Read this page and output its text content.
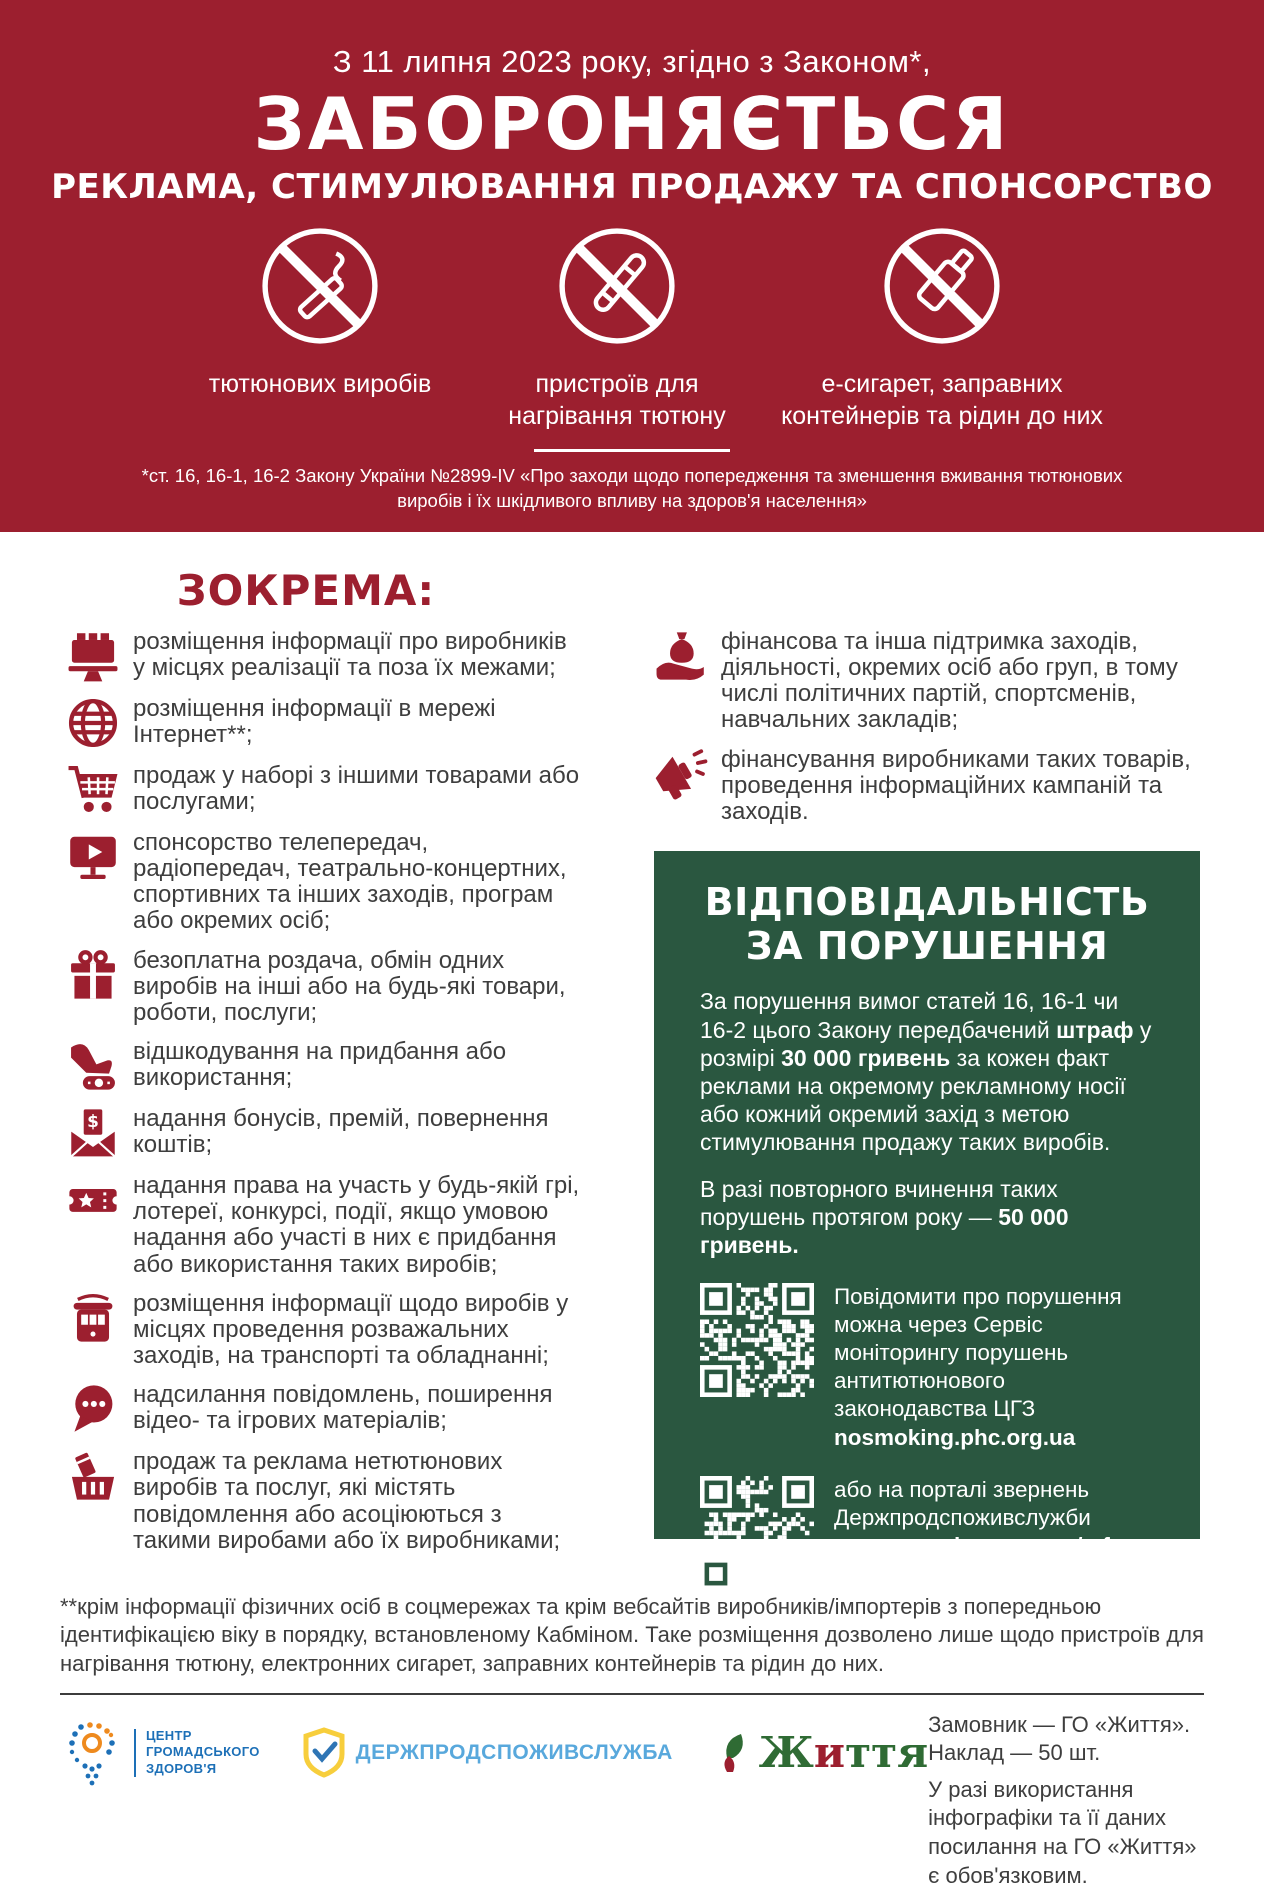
З 11 липня 2023 року, згідно з Законом*,
ЗАБОРОНЯЄТЬСЯ
РЕКЛАМА, СТИМУЛЮВАННЯ ПРОДАЖУ ТА СПОНСОРСТВО
тютюнових виробів	пристроїв для нагрівання тютюну
е-сигарет, заправних контейнерів та рідин до них

*ст. 16, 16-1, 16-2 Закону України №2899-IV «Про заходи щодо попередження та зменшення вживання тютюнових виробів і їх шкідливого впливу на здоров'я населення»

ЗОКРЕМА:

розміщення інформації про виробників у місцях реалізації та поза їх межами;

розміщення інформації в мережі Інтернет**;

продаж у наборі з іншими товарами або послугами;

спонсорство телепередач, радіопередач, театрально-концертних, спортивних та інших заходів, програм або окремих осіб;

безоплатна роздача, обмін одних виробів на інші або на будь-які товари, роботи, послуги;

відшкодування на придбання або використання;

$ надання бонусів, премій, повернення коштів;

надання права на участь у будь-якій грі, лотереї, конкурсі, події, якщо умовою надання або участі в них є придбання або використання таких виробів;

розміщення інформації щодо виробів у місцях проведення розважальних заходів, на транспорті та обладнанні;

надсилання повідомлень, поширення відео- та ігрових матеріалів;

продаж та реклама нетютюнових виробів та послуг, які містять повідомлення або асоціюються з такими виробами або їх виробниками;

фінансова та інша підтримка заходів, діяльності, окремих осіб або груп, в тому числі політичних партій, спортсменів, навчальних закладів;

фінансування виробниками таких товарів, проведення інформаційних кампаній та заходів.

ВІДПОВІДАЛЬНІСТЬ ЗА ПОРУШЕННЯ

За порушення вимог статей 16, 16-1 чи 16-2 цього Закону передбачений штраф у розмірі 30 000 гривень за кожен факт реклами на окремому рекламному носії або кожний окремий захід з метою стимулювання продажу таких виробів.

В разі повторного вчинення таких порушень протягом року — 50 000 гривень.

Повідомити про порушення можна через Сервіс моніторингу порушень антитютюнового законодавства ЦГЗ nosmoking.phc.org.ua

або на порталі звернень Держпродспоживслужби consumer.dpss.gov.ua/e-form

**крім інформації фізичних осіб в соцмережах та крім вебсайтів виробників/імпортерів з попередньою ідентифікацією віку в порядку, встановленому Кабміном. Таке розміщення дозволено лише щодо пристроїв для нагрівання тютюну, електронних сигарет, заправних контейнерів та рідин до них.

ЦЕНТР
ГРОМАДСЬКОГО
ЗДОРОВ'Я
ДЕРЖПРОДСПОЖИВСЛУЖБА Життя

Замовник — ГО «Життя». Наклад — 50 шт.

У разі використання інфографіки та її даних посилання на ГО «Життя» є обов'язковим.
